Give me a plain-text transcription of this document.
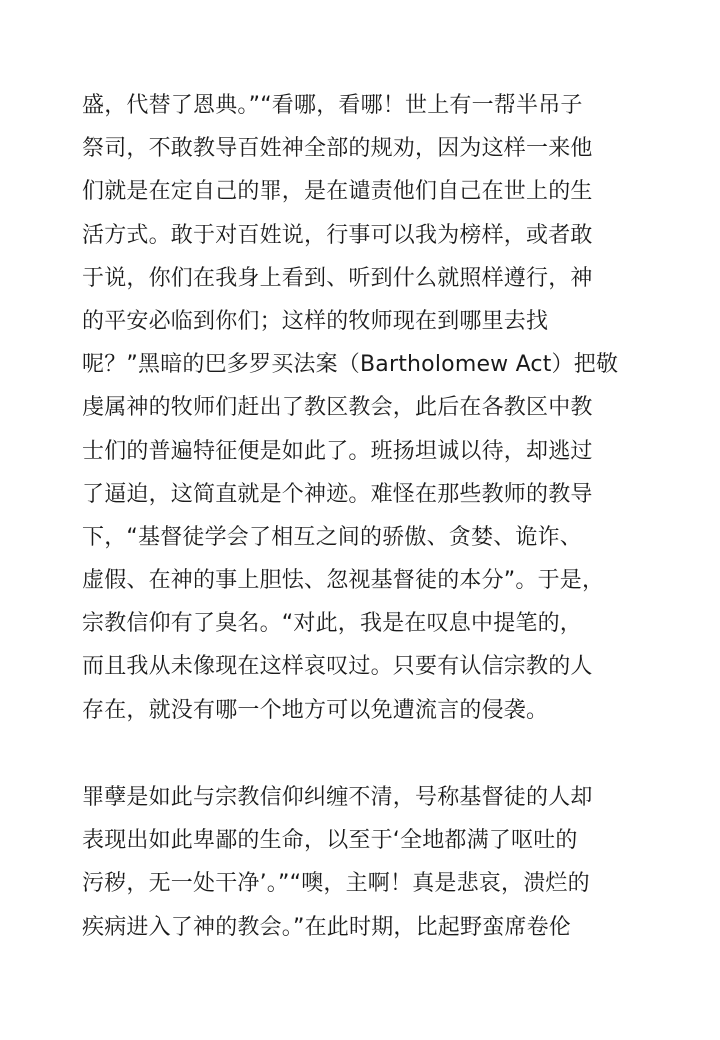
盛，代替了恩典。”“看哪，看哪！世上有一帮半吊子
祭司，不敢教导百姓神全部的规劝，因为这样一来他
们就是在定自己的罪，是在谴责他们自己在世上的生
活方式。敢于对百姓说，行事可以我为榜样，或者敢
于说，你们在我身上看到、听到什么就照样遵行，神
的平安必临到你们；这样的牧师现在到哪里去找
呢？”黑暗的巴多罗买法案（Bartholomew Act）把敬
虔属神的牧师们赶出了教区教会，此后在各教区中教
士们的普遍特征便是如此了。班扬坦诚以待，却逃过
了逼迫，这简直就是个神迹。难怪在那些教师的教导
下，“基督徒学会了相互之间的骄傲、贪婪、诡诈、
虚假、在神的事上胆怯、忽视基督徒的本分”。于是，
宗教信仰有了臭名。“对此，我是在叹息中提笔的，
而且我从未像现在这样哀叹过。只要有认信宗教的人
存在，就没有哪一个地方可以免遭流言的侵袭。
罪孽是如此与宗教信仰纠缠不清，号称基督徒的人却
表现出如此卑鄙的生命，以至于‘全地都满了呕吐的
污秽，无一处干净’。”“噢，主啊！真是悲哀，溃烂的
疾病进入了神的教会。”在此时期，比起野蛮席卷伦
